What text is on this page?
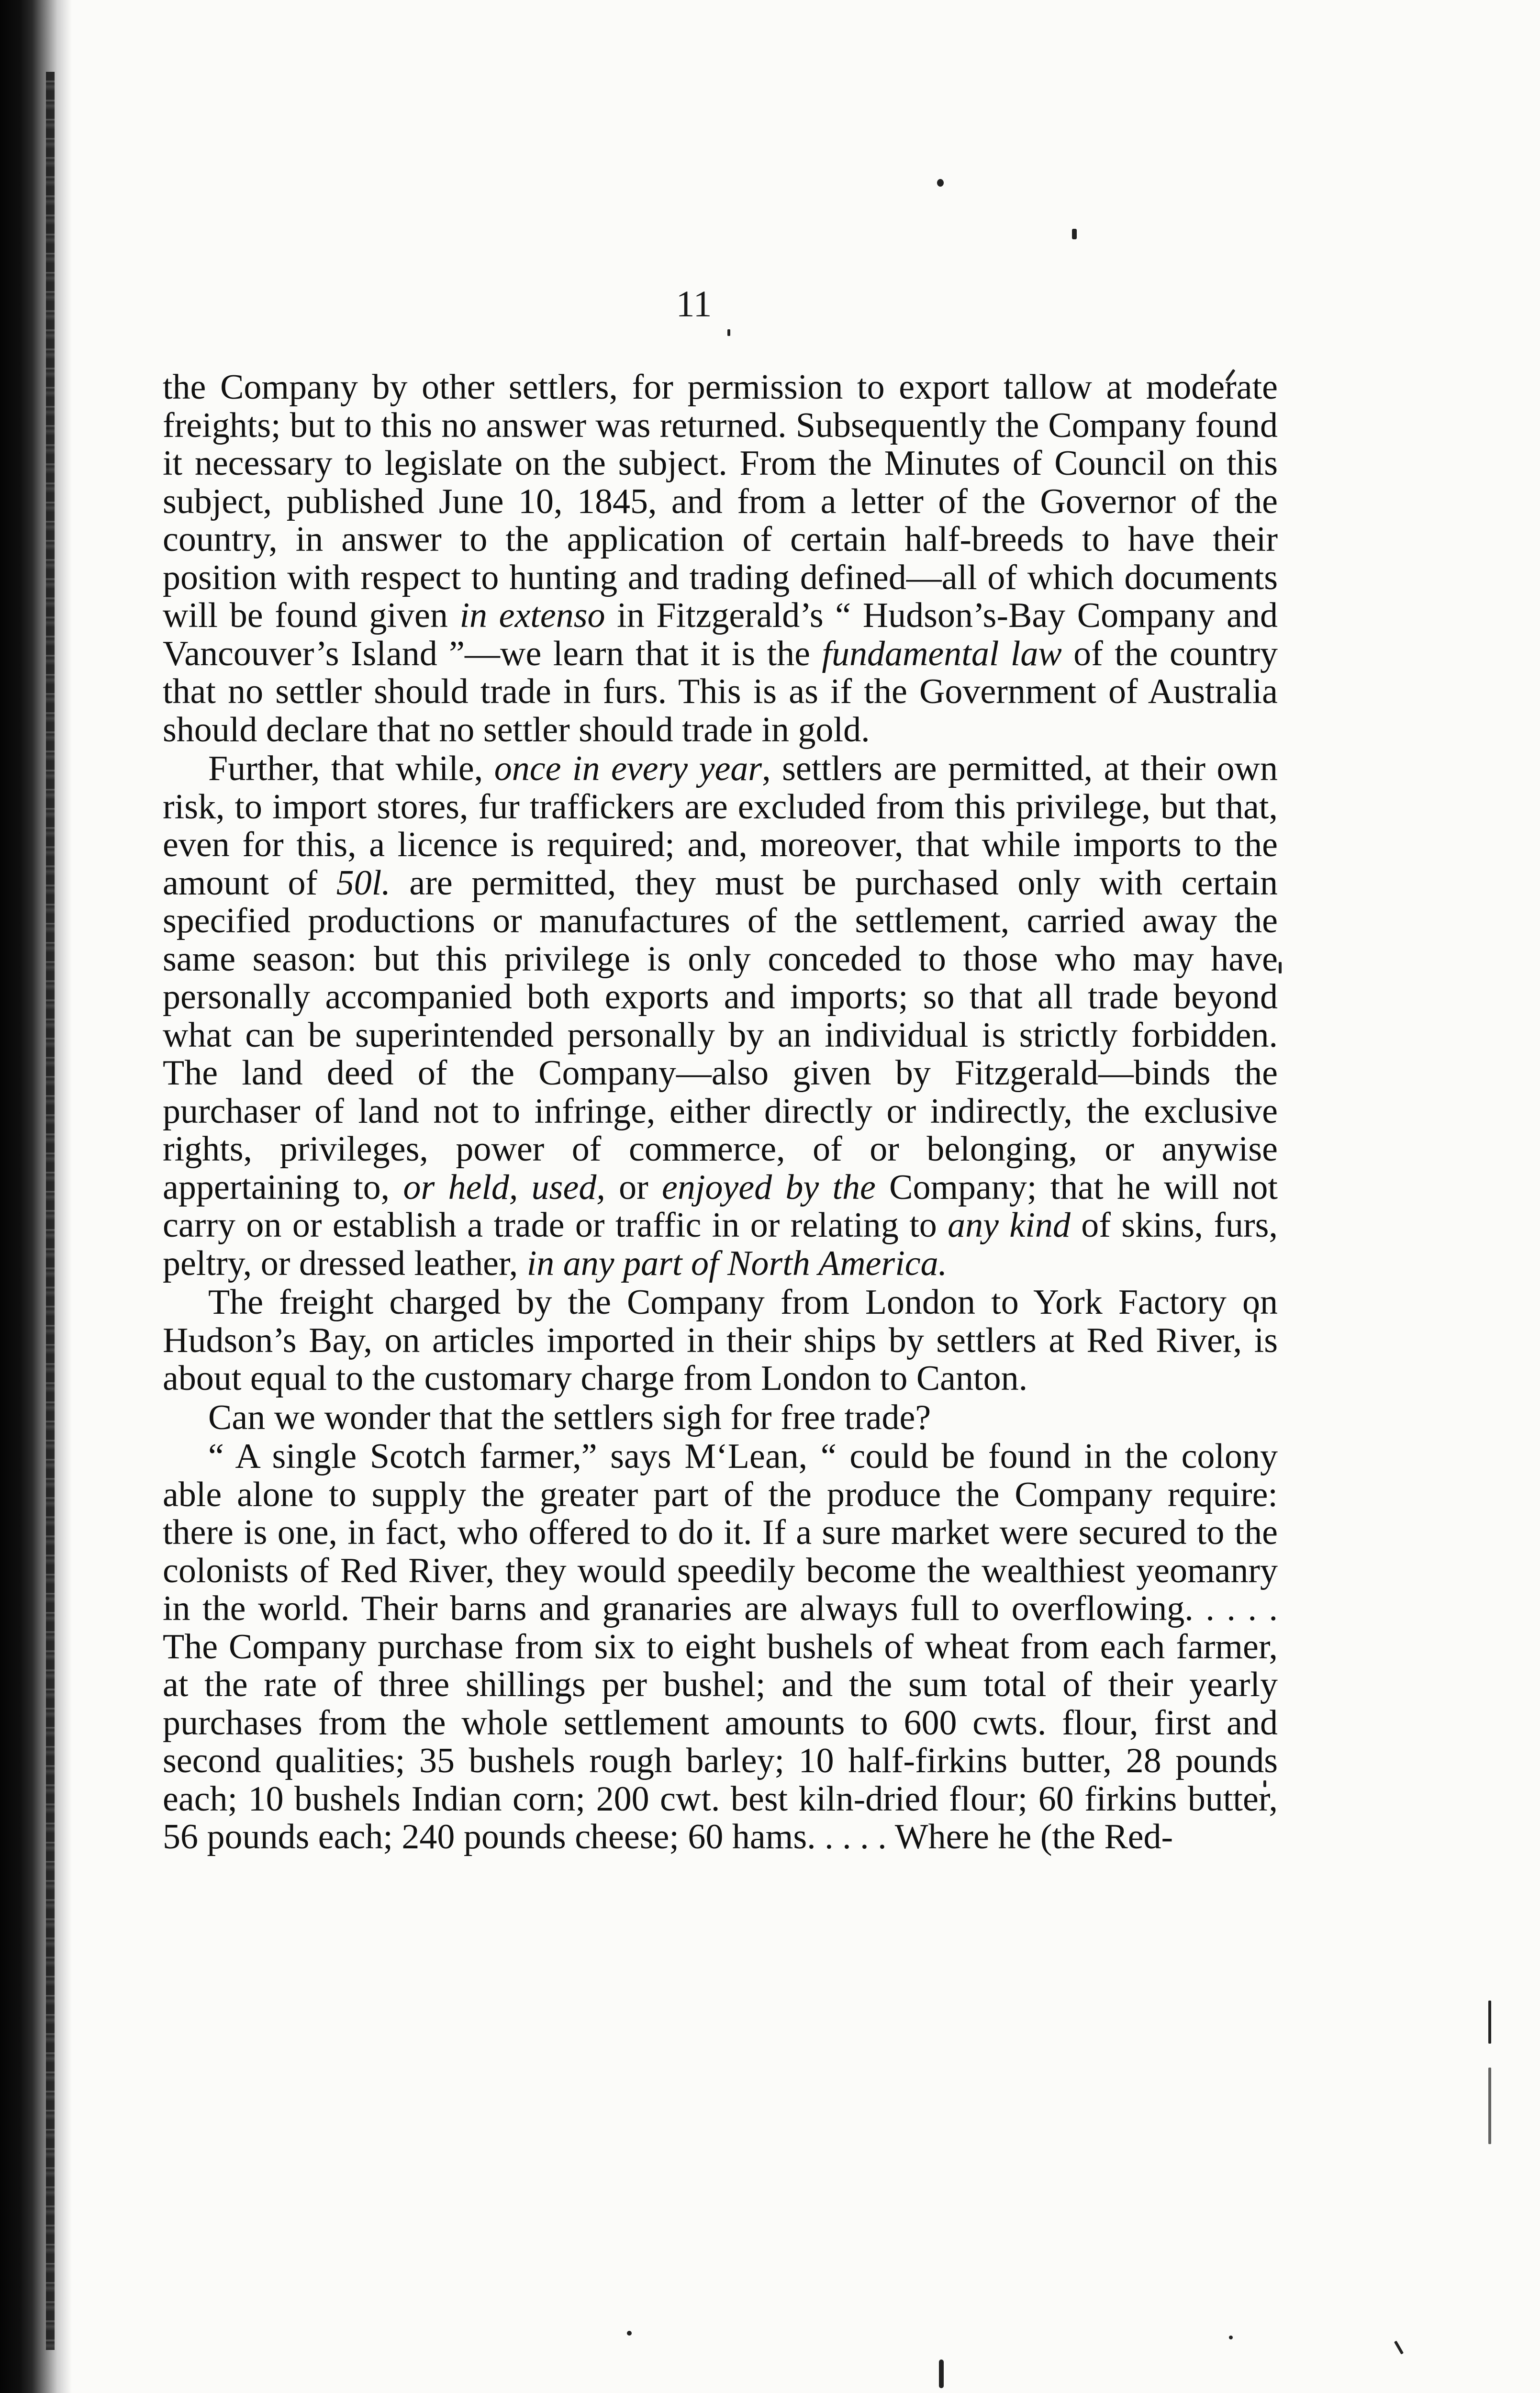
11

the Company by other settlers, for permission to export tallow at moderate freights; but to this no answer was returned. Subsequently the Company found it necessary to legislate on the subject. From the Minutes of Council on this subject, published June 10, 1845, and from a letter of the Governor of the country, in answer to the application of certain half-breeds to have their position with respect to hunting and trading defined—all of which documents will be found given in extenso in Fitzgerald’s “ Hudson’s-Bay Company and Vancouver’s Island ”—we learn that it is the fundamental law of the country that no settler should trade in furs. This is as if the Government of Australia should declare that no settler should trade in gold.

Further, that while, once in every year, settlers are permitted, at their own risk, to import stores, fur traffickers are excluded from this privilege, but that, even for this, a licence is required; and, moreover, that while imports to the amount of 50l. are permitted, they must be purchased only with certain specified productions or manufactures of the settlement, carried away the same season: but this privilege is only conceded to those who may have personally accompanied both exports and imports; so that all trade beyond what can be superintended personally by an individual is strictly forbidden. The land deed of the Company—also given by Fitzgerald—binds the purchaser of land not to infringe, either directly or indirectly, the exclusive rights, privileges, power of commerce, of or belonging, or anywise appertaining to, or held, used, or enjoyed by the Company; that he will not carry on or establish a trade or traffic in or relating to any kind of skins, furs, peltry, or dressed leather, in any part of North America.

The freight charged by the Company from London to York Factory on Hudson’s Bay, on articles imported in their ships by settlers at Red River, is about equal to the customary charge from London to Canton.

Can we wonder that the settlers sigh for free trade?

“ A single Scotch farmer,” says M‘Lean, “ could be found in the colony able alone to supply the greater part of the produce the Company require: there is one, in fact, who offered to do it. If a sure market were secured to the colonists of Red River, they would speedily become the wealthiest yeomanry in the world. Their barns and granaries are always full to overflowing. . . . . The Company purchase from six to eight bushels of wheat from each farmer, at the rate of three shillings per bushel; and the sum total of their yearly purchases from the whole settlement amounts to 600 cwts. flour, first and second qualities; 35 bushels rough barley; 10 half-firkins butter, 28 pounds each; 10 bushels Indian corn; 200 cwt. best kiln-dried flour; 60 firkins butter, 56 pounds each; 240 pounds cheese; 60 hams. . . . . Where he (the Red-
